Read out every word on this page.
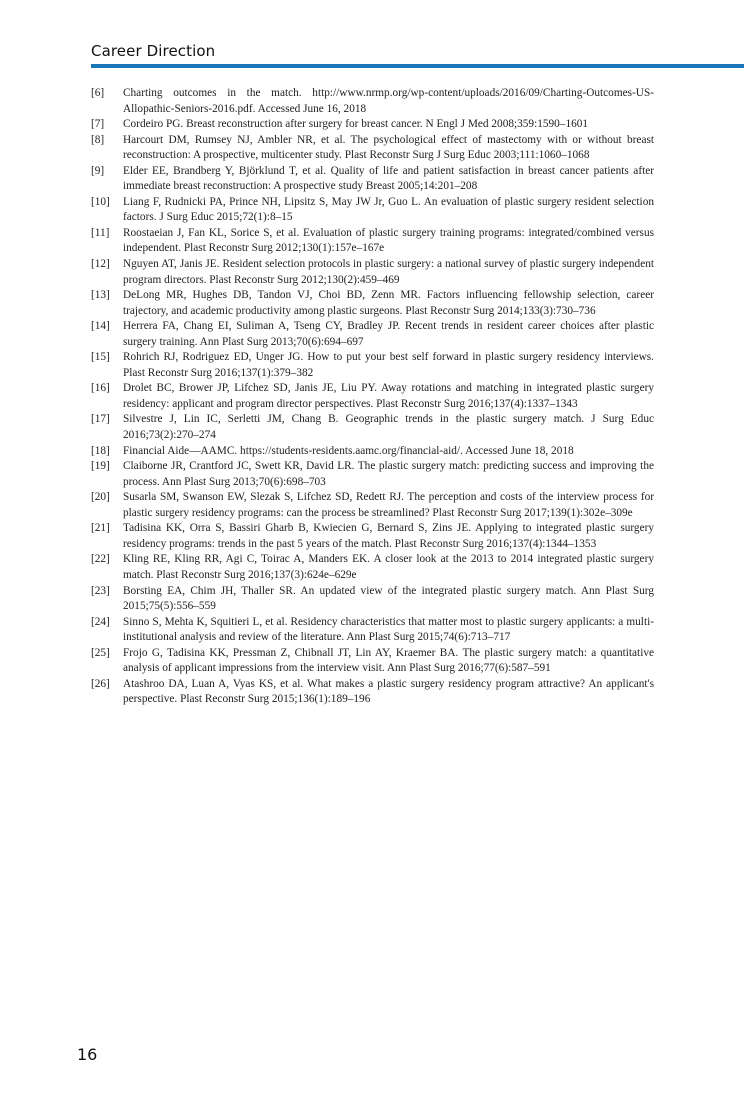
Career Direction
[6]	Charting outcomes in the match. http://www.nrmp.org/wp-content/uploads/2016/09/Charting-Outcomes-US-Allopathic-Seniors-2016.pdf. Accessed June 16, 2018
[7]	Cordeiro PG. Breast reconstruction after surgery for breast cancer. N Engl J Med 2008;359:1590–1601
[8]	Harcourt DM, Rumsey NJ, Ambler NR, et al. The psychological effect of mastectomy with or without breast reconstruction: A prospective, multicenter study. Plast Reconstr Surg J Surg Educ 2003;111:1060–1068
[9]	Elder EE, Brandberg Y, Björklund T, et al. Quality of life and patient satisfaction in breast cancer patients after immediate breast reconstruction: A prospective study Breast 2005;14:201–208
[10]	Liang F, Rudnicki PA, Prince NH, Lipsitz S, May JW Jr, Guo L. An evaluation of plastic surgery resident selection factors. J Surg Educ 2015;72(1):8–15
[11]	Roostaeian J, Fan KL, Sorice S, et al. Evaluation of plastic surgery training programs: integrated/combined versus independent. Plast Reconstr Surg 2012;130(1):157e–167e
[12]	Nguyen AT, Janis JE. Resident selection protocols in plastic surgery: a national survey of plastic surgery independent program directors. Plast Reconstr Surg 2012;130(2):459–469
[13]	DeLong MR, Hughes DB, Tandon VJ, Choi BD, Zenn MR. Factors influencing fellowship selection, career trajectory, and academic productivity among plastic surgeons. Plast Reconstr Surg 2014;133(3):730–736
[14]	Herrera FA, Chang EI, Suliman A, Tseng CY, Bradley JP. Recent trends in resident career choices after plastic surgery training. Ann Plast Surg 2013;70(6):694–697
[15]	Rohrich RJ, Rodriguez ED, Unger JG. How to put your best self forward in plastic surgery residency interviews. Plast Reconstr Surg 2016;137(1):379–382
[16]	Drolet BC, Brower JP, Lifchez SD, Janis JE, Liu PY. Away rotations and matching in integrated plastic surgery residency: applicant and program director perspectives. Plast Reconstr Surg 2016;137(4):1337–1343
[17]	Silvestre J, Lin IC, Serletti JM, Chang B. Geographic trends in the plastic surgery match. J Surg Educ 2016;73(2):270–274
[18]	Financial Aide—AAMC. https://students-residents.aamc.org/financial-aid/. Accessed June 18, 2018
[19]	Claiborne JR, Crantford JC, Swett KR, David LR. The plastic surgery match: predicting success and improving the process. Ann Plast Surg 2013;70(6):698–703
[20]	Susarla SM, Swanson EW, Slezak S, Lifchez SD, Redett RJ. The perception and costs of the interview process for plastic surgery residency programs: can the process be streamlined? Plast Reconstr Surg 2017;139(1):302e–309e
[21]	Tadisina KK, Orra S, Bassiri Gharb B, Kwiecien G, Bernard S, Zins JE. Applying to integrated plastic surgery residency programs: trends in the past 5 years of the match. Plast Reconstr Surg 2016;137(4):1344–1353
[22]	Kling RE, Kling RR, Agi C, Toirac A, Manders EK. A closer look at the 2013 to 2014 integrated plastic surgery match. Plast Reconstr Surg 2016;137(3):624e–629e
[23]	Borsting EA, Chim JH, Thaller SR. An updated view of the integrated plastic surgery match. Ann Plast Surg 2015;75(5):556–559
[24]	Sinno S, Mehta K, Squitieri L, et al. Residency characteristics that matter most to plastic surgery applicants: a multi-institutional analysis and review of the literature. Ann Plast Surg 2015;74(6):713–717
[25]	Frojo G, Tadisina KK, Pressman Z, Chibnall JT, Lin AY, Kraemer BA. The plastic surgery match: a quantitative analysis of applicant impressions from the interview visit. Ann Plast Surg 2016;77(6):587–591
[26]	Atashroo DA, Luan A, Vyas KS, et al. What makes a plastic surgery residency program attractive? An applicant's perspective. Plast Reconstr Surg 2015;136(1):189–196
16
